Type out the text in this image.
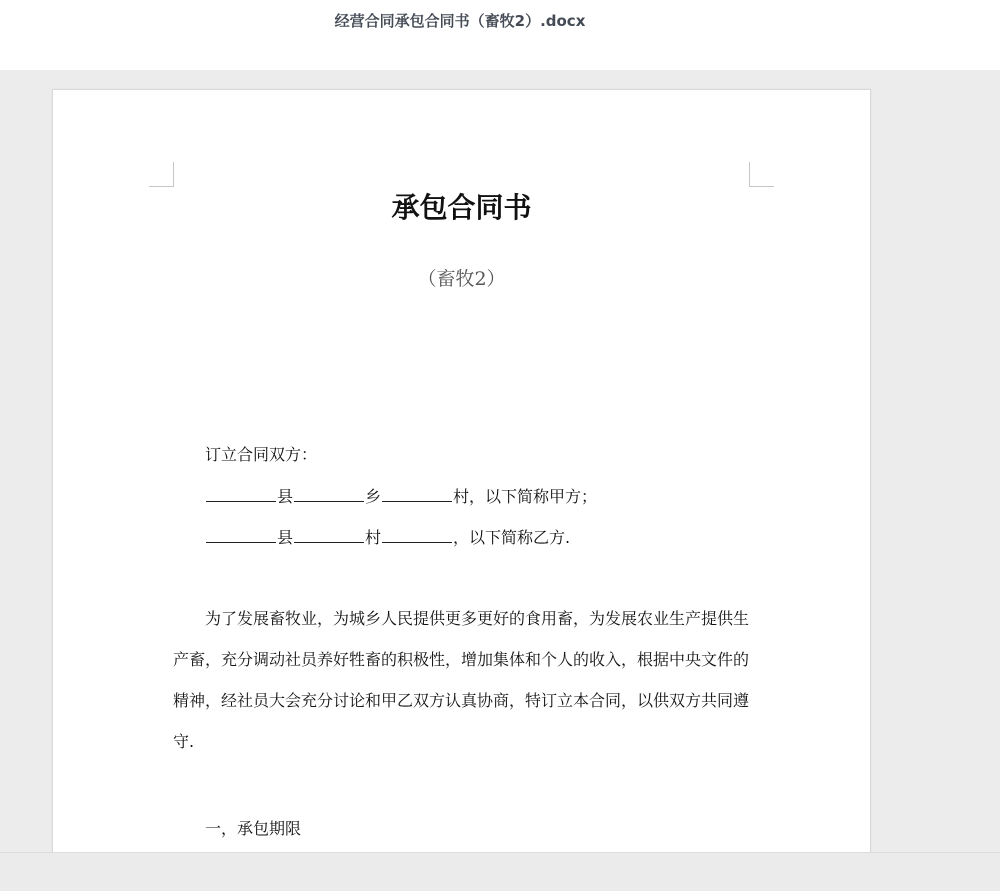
经营合同承包合同书（畜牧2）.docx
承包合同书
（畜牧2）
订立合同双方：
县	乡	村，以下简称甲方；
县	村	，以下简称乙方.
为了发展畜牧业，为城乡人民提供更多更好的食用畜，为发展农业生产提供生产畜，充分调动社员养好牲畜的积极性，增加集体和个人的收入，根据中央文件的精神，经社员大会充分讨论和甲乙双方认真协商，特订立本合同，以供双方共同遵守.
一，承包期限
